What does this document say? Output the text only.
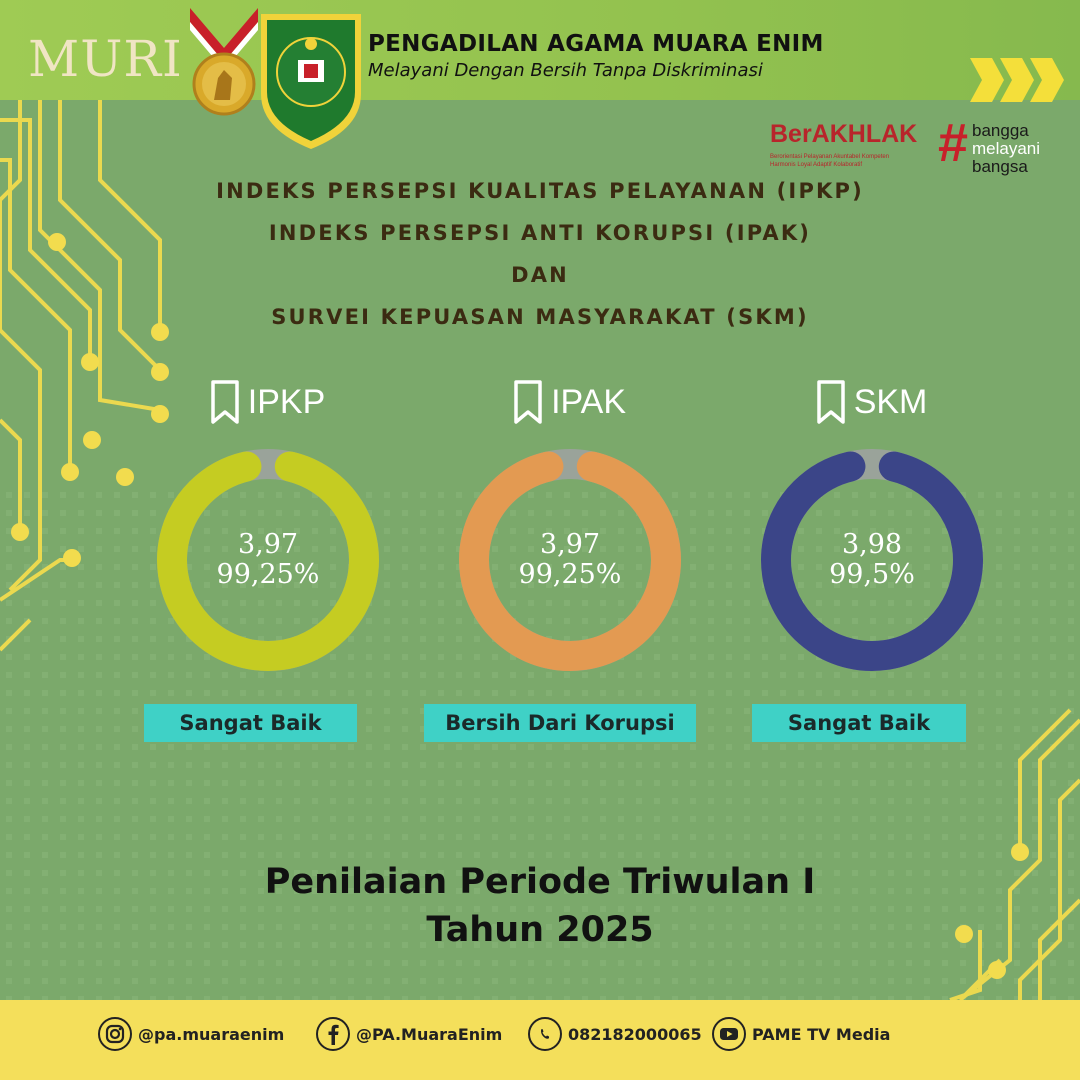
MURI	PENGADILAN AGAMA MUARA ENIM
Melayani Dengan Bersih Tanpa Diskriminasi
BerAKHLAK
Berorientasi Pelayanan Akuntabel Kompeten
Harmonis Loyal Adaptif Kolaboratif	# bangga
melayani
bangsa
INDEKS PERSEPSI KUALITAS PELAYANAN (IPKP)
INDEKS PERSEPSI ANTI KORUPSI (IPAK)
DAN
SURVEI KEPUASAN MASYARAKAT (SKM)
IPKP
3,97
99,25%
Sangat Baik
IPAK
3,97
99,25%
Bersih Dari Korupsi
SKM
3,98
99,5%
Sangat Baik
Penilaian Periode Triwulan I
Tahun 2025
@pa.muaraenim	@PA.MuaraEnim	082182000065	PAME TV Media
